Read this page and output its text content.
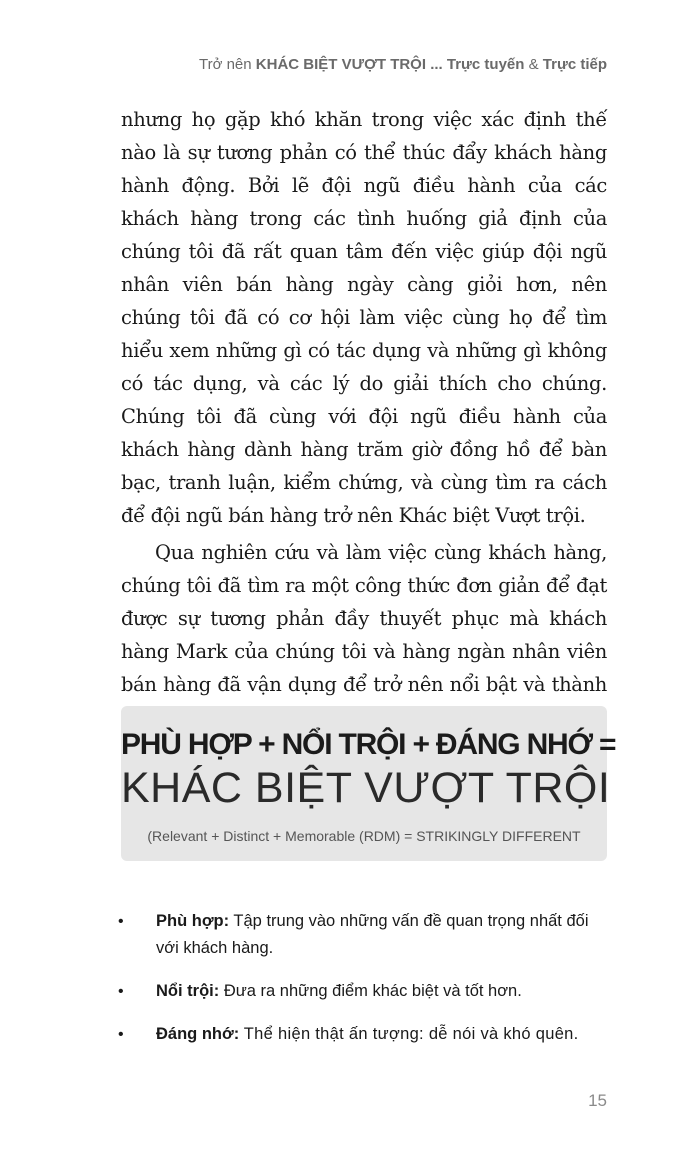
Trở nên KHÁC BIỆT VƯỢT TRỘI ... Trực tuyến & Trực tiếp

nhưng họ gặp khó khăn trong việc xác định thế nào là sự tương phản có thể thúc đẩy khách hàng hành động. Bởi lẽ đội ngũ điều hành của các khách hàng trong các tình huống giả định của chúng tôi đã rất quan tâm đến việc giúp đội ngũ nhân viên bán hàng ngày càng giỏi hơn, nên chúng tôi đã có cơ hội làm việc cùng họ để tìm hiểu xem những gì có tác dụng và những gì không có tác dụng, và các lý do giải thích cho chúng. Chúng tôi đã cùng với đội ngũ điều hành của khách hàng dành hàng trăm giờ đồng hồ để bàn bạc, tranh luận, kiểm chứng, và cùng tìm ra cách để đội ngũ bán hàng trở nên Khác biệt Vượt trội.

Qua nghiên cứu và làm việc cùng khách hàng, chúng tôi đã tìm ra một công thức đơn giản để đạt được sự tương phản đầy thuyết phục mà khách hàng Mark của chúng tôi và hàng ngàn nhân viên bán hàng đã vận dụng để trở nên nổi bật và thành

PHÙ HỢP + NỔI TRỘI + ĐÁNG NHỚ =
KHÁC BIỆT VƯỢT TRỘI
(Relevant + Distinct + Memorable (RDM) = STRIKINGLY DIFFERENT
• Phù hợp: Tập trung vào những vấn đề quan trọng nhất đối với khách hàng.
• Nổi trội: Đưa ra những điểm khác biệt và tốt hơn.
• Đáng nhớ: Thể hiện thật ấn tượng: dễ nói và khó quên.
15
